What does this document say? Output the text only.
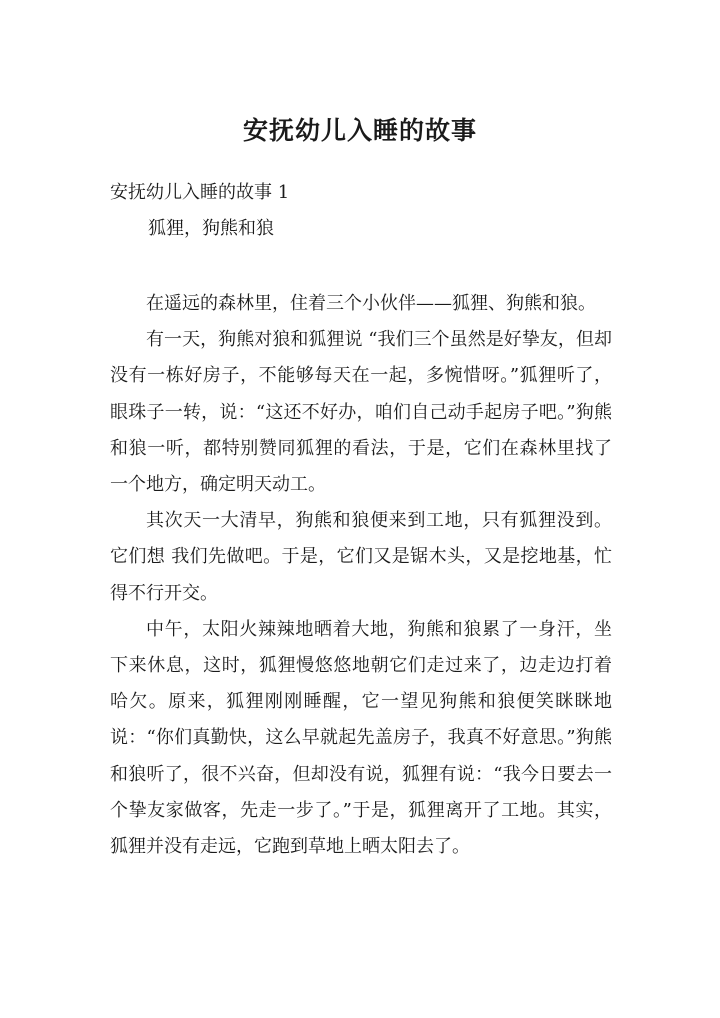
安抚幼儿入睡的故事
安抚幼儿入睡的故事 1
狐狸，狗熊和狼

在遥远的森林里，住着三个小伙伴——狐狸、狗熊和狼。

有一天，狗熊对狼和狐狸说 “我们三个虽然是好挚友，但却没有一栋好房子，不能够每天在一起，多惋惜呀。”狐狸听了，眼珠子一转，说：“这还不好办，咱们自己动手起房子吧。”狗熊和狼一听，都特别赞同狐狸的看法，于是，它们在森林里找了一个地方，确定明天动工。

其次天一大清早，狗熊和狼便来到工地，只有狐狸没到。它们想 我们先做吧。于是，它们又是锯木头，又是挖地基，忙得不行开交。

中午，太阳火辣辣地晒着大地，狗熊和狼累了一身汗，坐下来休息，这时，狐狸慢悠悠地朝它们走过来了，边走边打着哈欠。原来，狐狸刚刚睡醒，它一望见狗熊和狼便笑眯眯地说：“你们真勤快，这么早就起先盖房子，我真不好意思。”狗熊和狼听了，很不兴奋，但却没有说，狐狸有说：“我今日要去一个挚友家做客，先走一步了。”于是，狐狸离开了工地。其实，狐狸并没有走远，它跑到草地上晒太阳去了。
